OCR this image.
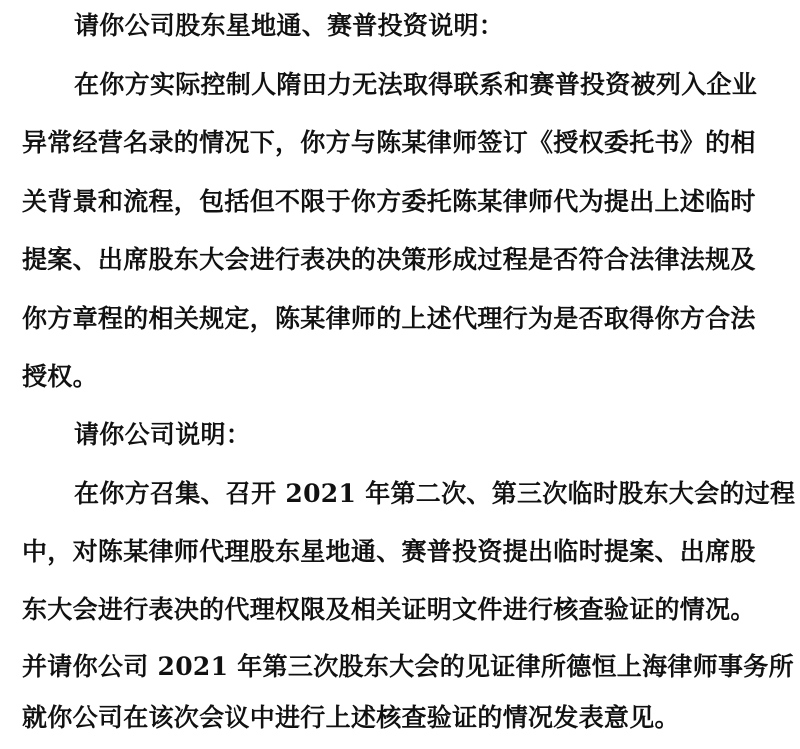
请你公司股东星地通、赛普投资说明：
在你方实际控制人隋田力无法取得联系和赛普投资被列入企业
异常经营名录的情况下，你方与陈某律师签订《授权委托书》的相
关背景和流程，包括但不限于你方委托陈某律师代为提出上述临时
提案、出席股东大会进行表决的决策形成过程是否符合法律法规及
你方章程的相关规定，陈某律师的上述代理行为是否取得你方合法
授权。
请你公司说明：
在你方召集、召开 2021 年第二次、第三次临时股东大会的过程
中，对陈某律师代理股东星地通、赛普投资提出临时提案、出席股
东大会进行表决的代理权限及相关证明文件进行核查验证的情况。
并请你公司 2021 年第三次股东大会的见证律所德恒上海律师事务所
就你公司在该次会议中进行上述核查验证的情况发表意见。
